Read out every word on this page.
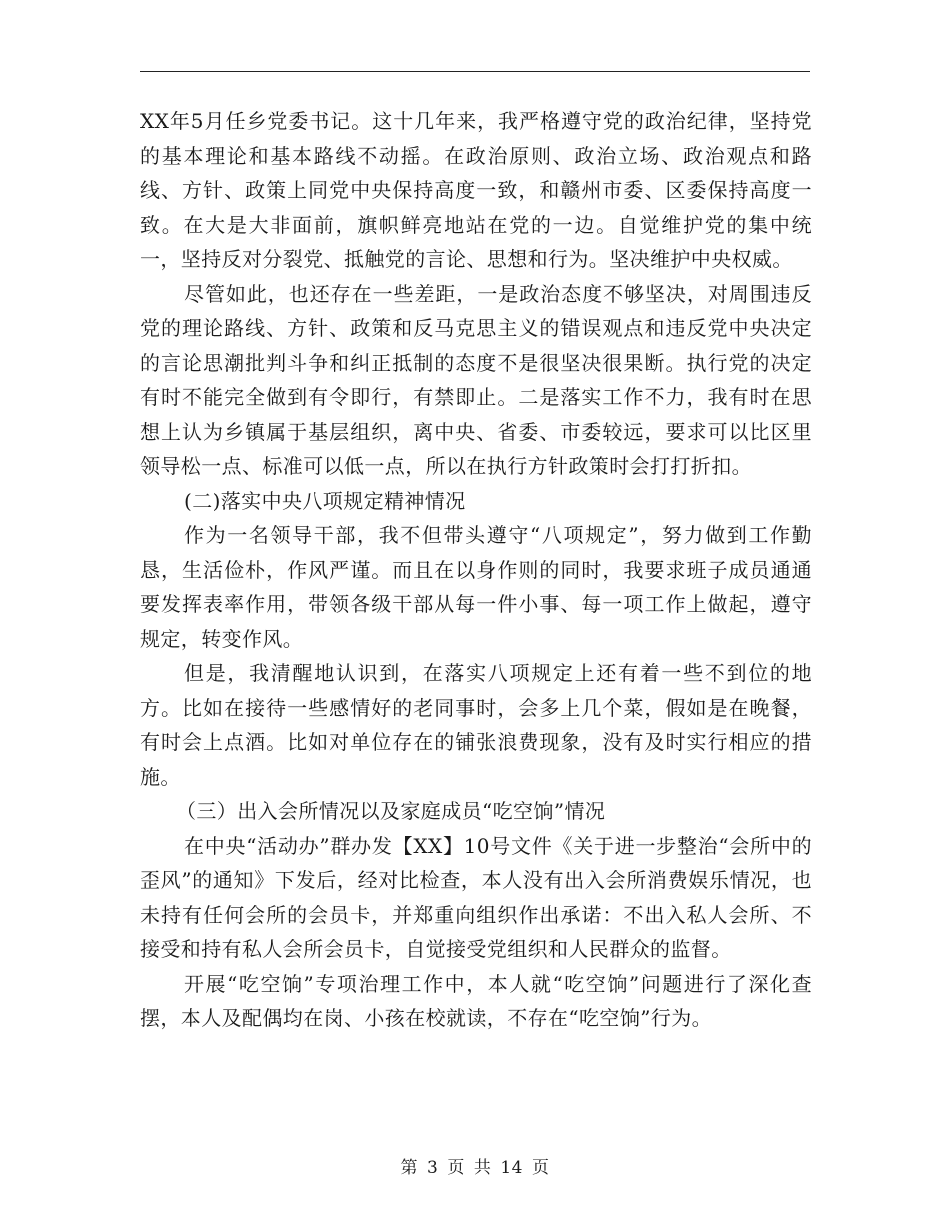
XX年5月任乡党委书记。这十几年来，我严格遵守党的政治纪律，坚持党的基本理论和基本路线不动摇。在政治原则、政治立场、政治观点和路线、方针、政策上同党中央保持高度一致，和赣州市委、区委保持高度一致。在大是大非面前，旗帜鲜亮地站在党的一边。自觉维护党的集中统一，坚持反对分裂党、抵触党的言论、思想和行为。坚决维护中央权威。

尽管如此，也还存在一些差距，一是政治态度不够坚决，对周围违反党的理论路线、方针、政策和反马克思主义的错误观点和违反党中央决定的言论思潮批判斗争和纠正抵制的态度不是很坚决很果断。执行党的决定有时不能完全做到有令即行，有禁即止。二是落实工作不力，我有时在思想上认为乡镇属于基层组织，离中央、省委、市委较远，要求可以比区里领导松一点、标准可以低一点，所以在执行方针政策时会打打折扣。

(二)落实中央八项规定精神情况

作为一名领导干部，我不但带头遵守“八项规定”，努力做到工作勤恳，生活俭朴，作风严谨。而且在以身作则的同时，我要求班子成员通通要发挥表率作用，带领各级干部从每一件小事、每一项工作上做起，遵守规定，转变作风。

但是，我清醒地认识到，在落实八项规定上还有着一些不到位的地方。比如在接待一些感情好的老同事时，会多上几个菜，假如是在晚餐，有时会上点酒。比如对单位存在的铺张浪费现象，没有及时实行相应的措施。

（三）出入会所情况以及家庭成员“吃空饷”情况

在中央“活动办”群办发【XX】10号文件《关于进一步整治“会所中的歪风”的通知》下发后，经对比检查，本人没有出入会所消费娱乐情况，也未持有任何会所的会员卡，并郑重向组织作出承诺：不出入私人会所、不接受和持有私人会所会员卡，自觉接受党组织和人民群众的监督。

开展“吃空饷”专项治理工作中，本人就“吃空饷”问题进行了深化查摆，本人及配偶均在岗、小孩在校就读，不存在“吃空饷”行为。

第 3 页 共 14 页
